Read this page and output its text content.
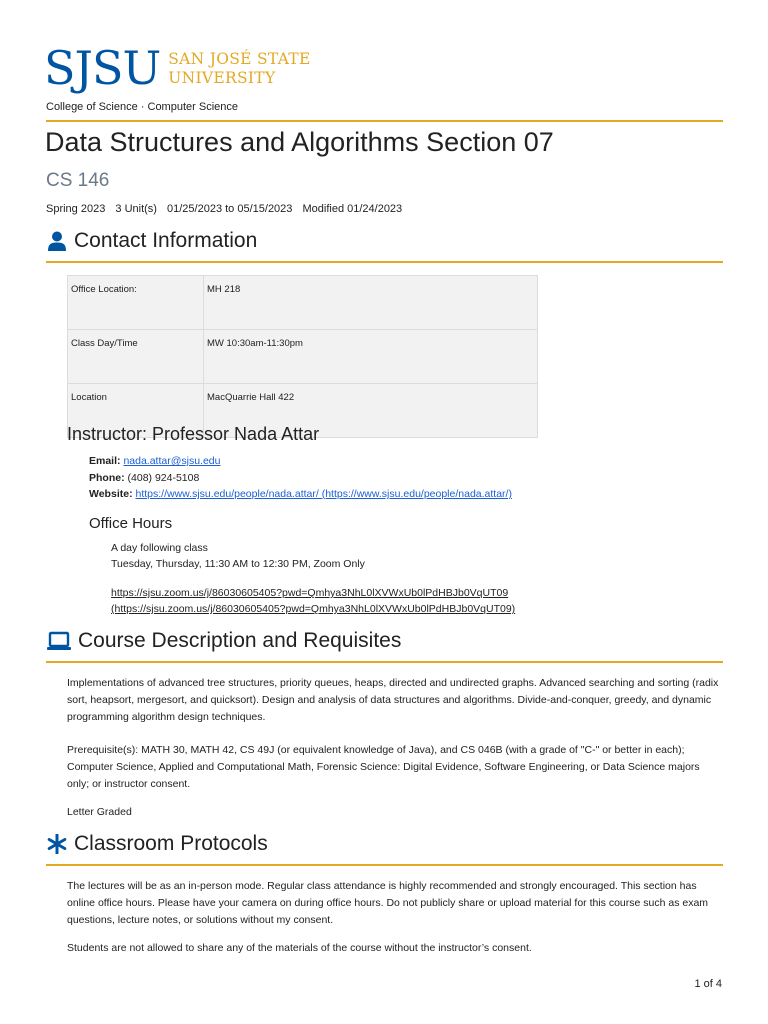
SJSU SAN JOSÉ STATE
UNIVERSITY
College of Science · Computer Science
Data Structures and Algorithms Section 07
CS 146
Spring 2023 3 Unit(s) 01/25/2023 to 05/15/2023 Modified 01/24/2023
Contact Information
Office Location:	MH 218
Class Day/Time	MW 10:30am-11:30pm
Location	MacQuarrie Hall 422
Instructor: Professor Nada Attar
Email: nada.attar@sjsu.edu
Phone: (408) 924-5108
Website: https://www.sjsu.edu/people/nada.attar/ (https://www.sjsu.edu/people/nada.attar/)
Office Hours
A day following class
Tuesday, Thursday, 11:30 AM to 12:30 PM, Zoom Only
https://sjsu.zoom.us/j/86030605405?pwd=Qmhya3NhL0lXVWxUb0lPdHBJb0VqUT09
(https://sjsu.zoom.us/j/86030605405?pwd=Qmhya3NhL0lXVWxUb0lPdHBJb0VqUT09)
Course Description and Requisites
Implementations of advanced tree structures, priority queues, heaps, directed and undirected graphs. Advanced searching and sorting (radix sort, heapsort, mergesort, and quicksort). Design and analysis of data structures and algorithms. Divide-and-conquer, greedy, and dynamic programming algorithm design techniques.
Prerequisite(s): MATH 30, MATH 42, CS 49J (or equivalent knowledge of Java), and CS 046B (with a grade of "C-" or better in each); Computer Science, Applied and Computational Math, Forensic Science: Digital Evidence, Software Engineering, or Data Science majors only; or instructor consent.
Letter Graded
Classroom Protocols
The lectures will be as an in-person mode. Regular class attendance is highly recommended and strongly encouraged. This section has online office hours. Please have your camera on during office hours. Do not publicly share or upload material for this course such as exam questions, lecture notes, or solutions without my consent.
Students are not allowed to share any of the materials of the course without the instructor’s consent.
1 of 4
